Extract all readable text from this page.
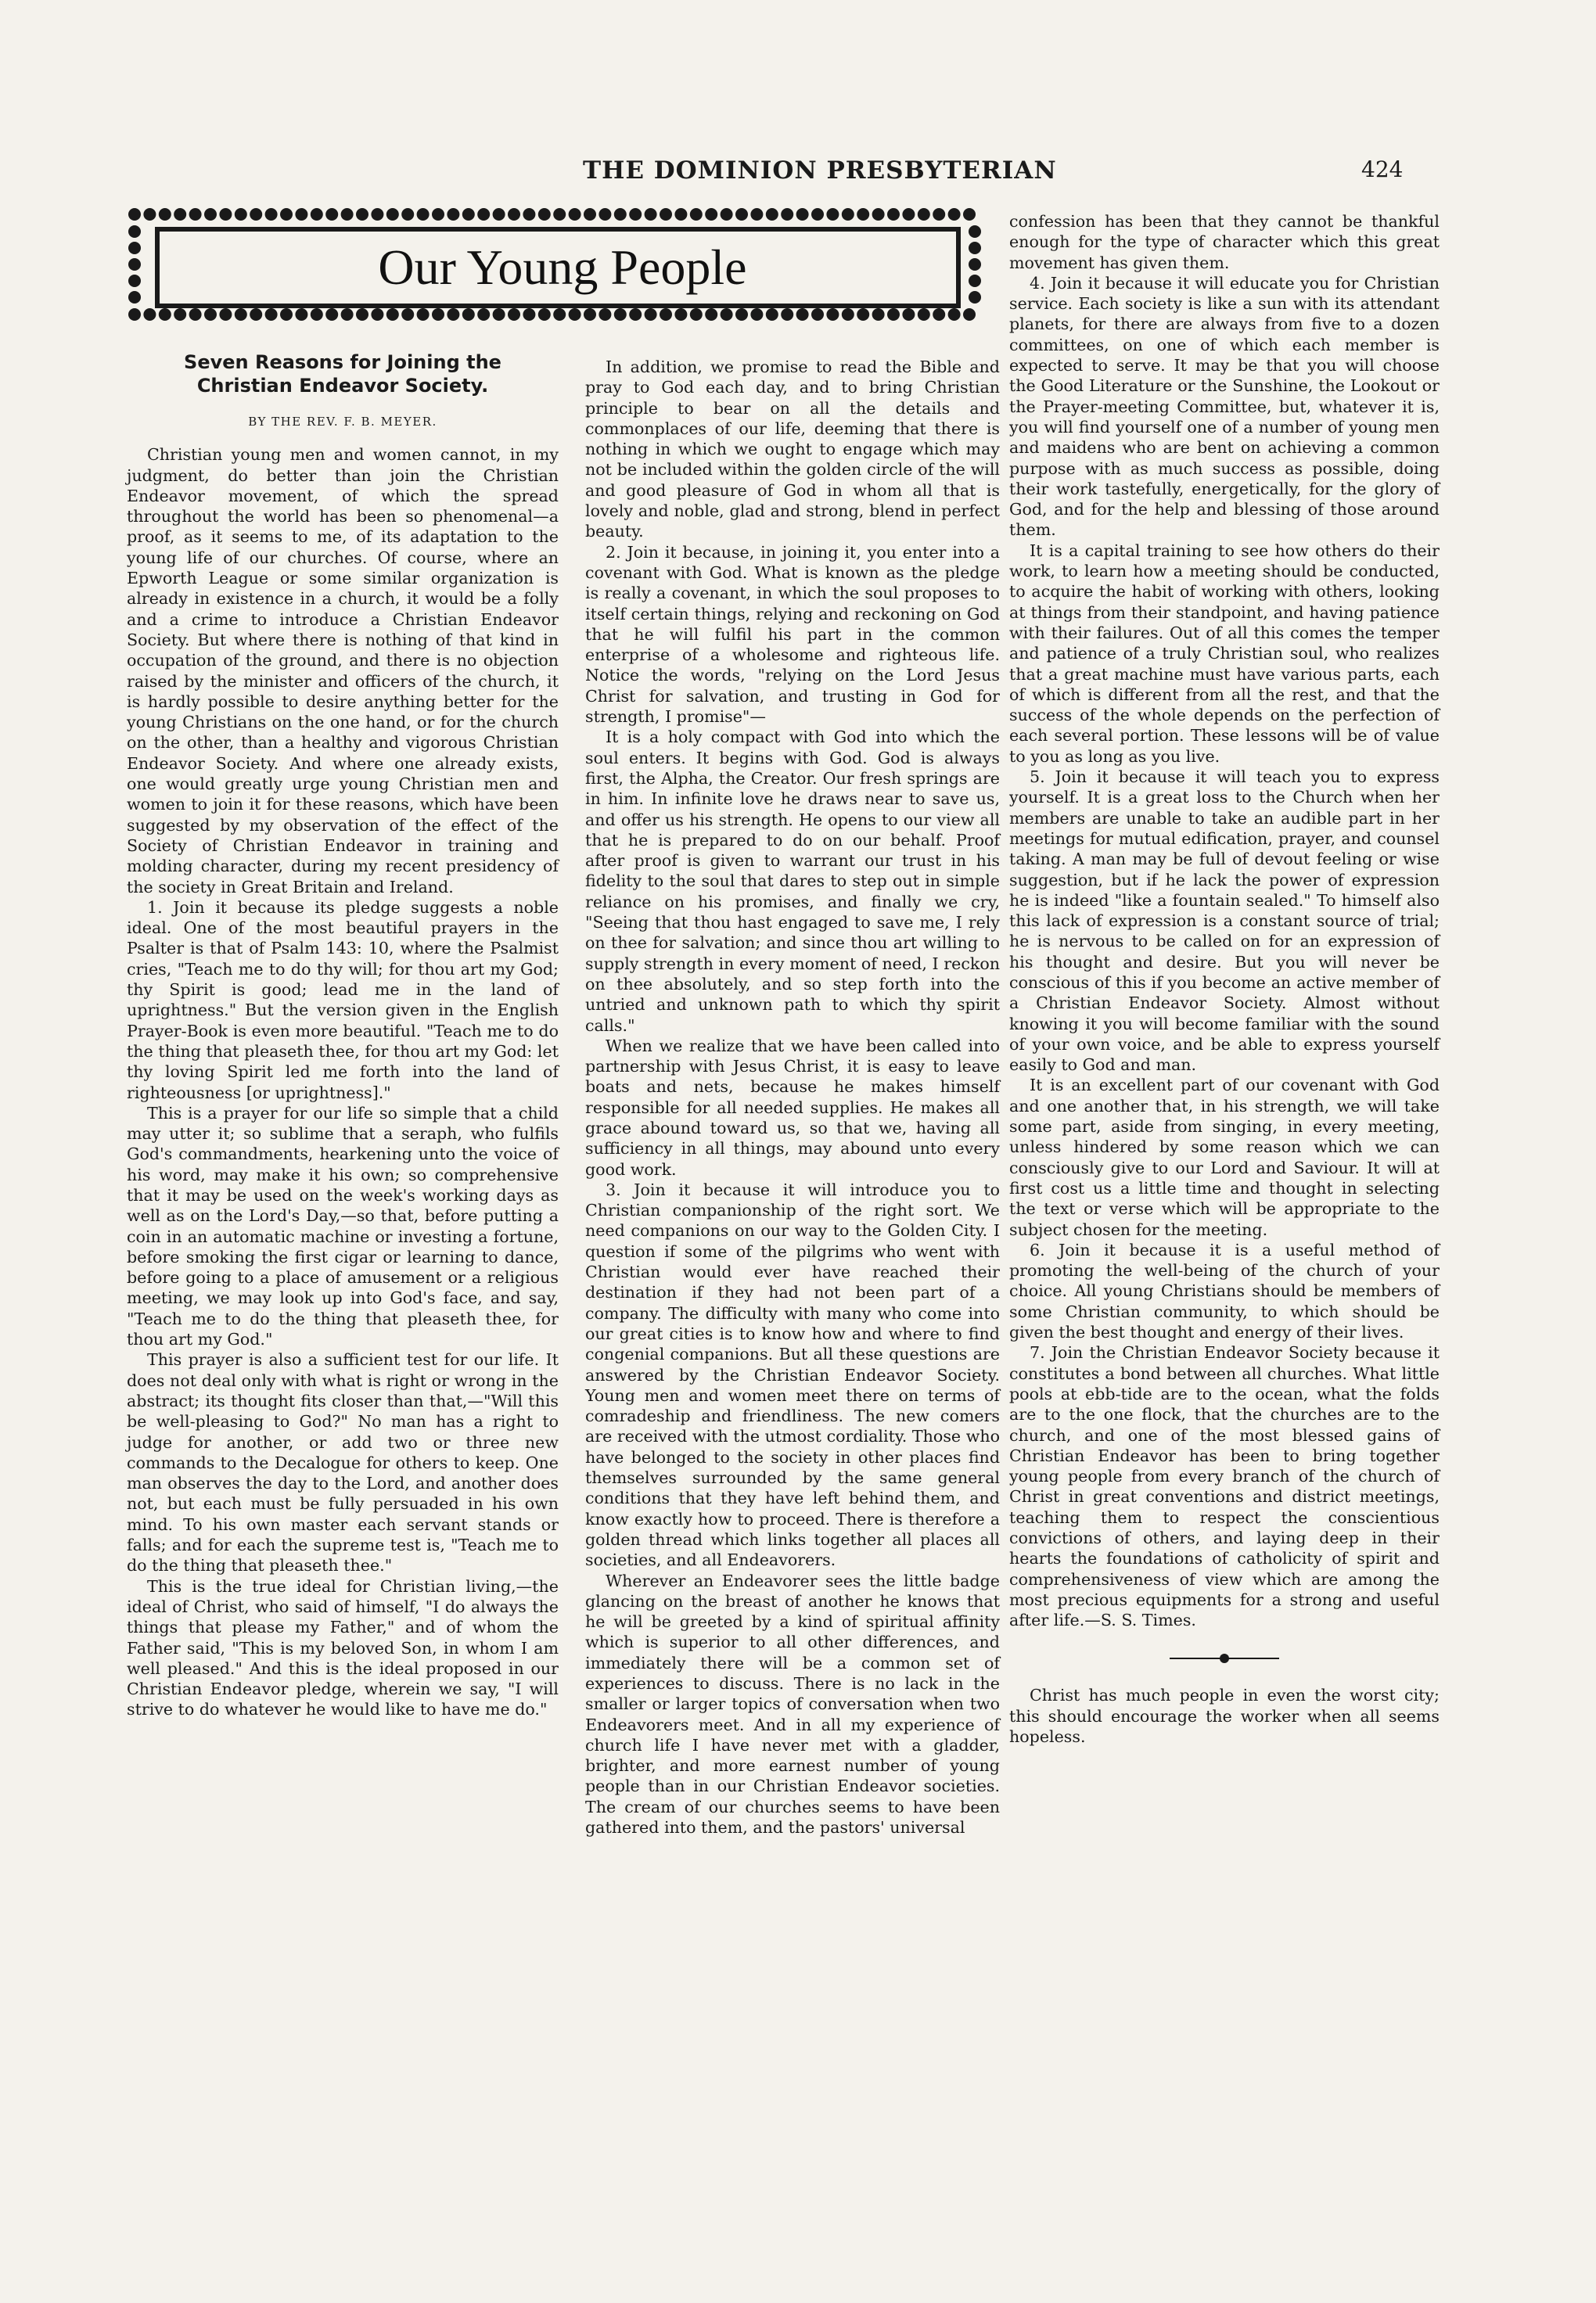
THE DOMINION PRESBYTERIAN	424
Our Young People
Seven Reasons for Joining the Christian Endeavor Society.
BY THE REV. F. B. MEYER.

Christian young men and women cannot, in my judgment, do better than join the Christian Endeavor movement, of which the spread throughout the world has been so phenomenal—a proof, as it seems to me, of its adaptation to the young life of our churches. Of course, where an Epworth League or some similar organization is already in existence in a church, it would be a folly and a crime to introduce a Christian Endeavor Society. But where there is nothing of that kind in occupation of the ground, and there is no objection raised by the minister and officers of the church, it is hardly possible to desire anything better for the young Christians on the one hand, or for the church on the other, than a healthy and vigorous Christian Endeavor Society. And where one already exists, one would greatly urge young Christian men and women to join it for these reasons, which have been suggested by my observation of the effect of the Society of Christian Endeavor in training and molding character, during my recent presidency of the society in Great Britain and Ireland.

1. Join it because its pledge suggests a noble ideal. One of the most beautiful prayers in the Psalter is that of Psalm 143: 10, where the Psalmist cries, "Teach me to do thy will; for thou art my God; thy Spirit is good; lead me in the land of uprightness." But the version given in the English Prayer-Book is even more beautiful. "Teach me to do the thing that pleaseth thee, for thou art my God: let thy loving Spirit led me forth into the land of righteousness [or uprightness]."

This is a prayer for our life so simple that a child may utter it; so sublime that a seraph, who fulfils God's commandments, hearkening unto the voice of his word, may make it his own; so comprehensive that it may be used on the week's working days as well as on the Lord's Day,—so that, before putting a coin in an automatic machine or investing a fortune, before smoking the first cigar or learning to dance, before going to a place of amusement or a religious meeting, we may look up into God's face, and say, "Teach me to do the thing that pleaseth thee, for thou art my God."

This prayer is also a sufficient test for our life. It does not deal only with what is right or wrong in the abstract; its thought fits closer than that,—"Will this be well-pleasing to God?" No man has a right to judge for another, or add two or three new commands to the Decalogue for others to keep. One man observes the day to the Lord, and another does not, but each must be fully persuaded in his own mind. To his own master each servant stands or falls; and for each the supreme test is, "Teach me to do the thing that pleaseth thee."

This is the true ideal for Christian living,—the ideal of Christ, who said of himself, "I do always the things that please my Father," and of whom the Father said, "This is my beloved Son, in whom I am well pleased." And this is the ideal proposed in our Christian Endeavor pledge, wherein we say, "I will strive to do whatever he would like to have me do."

In addition, we promise to read the Bible and pray to God each day, and to bring Christian principle to bear on all the details and commonplaces of our life, deeming that there is nothing in which we ought to engage which may not be included within the golden circle of the will and good pleasure of God in whom all that is lovely and noble, glad and strong, blend in perfect beauty.

2. Join it because, in joining it, you enter into a covenant with God. What is known as the pledge is really a covenant, in which the soul proposes to itself certain things, relying and reckoning on God that he will fulfil his part in the common enterprise of a wholesome and righteous life. Notice the words, "relying on the Lord Jesus Christ for salvation, and trusting in God for strength, I promise"—

It is a holy compact with God into which the soul enters. It begins with God. God is always first, the Alpha, the Creator. Our fresh springs are in him. In infinite love he draws near to save us, and offer us his strength. He opens to our view all that he is prepared to do on our behalf. Proof after proof is given to warrant our trust in his fidelity to the soul that dares to step out in simple reliance on his promises, and finally we cry, "Seeing that thou hast engaged to save me, I rely on thee for salvation; and since thou art willing to supply strength in every moment of need, I reckon on thee absolutely, and so step forth into the untried and unknown path to which thy spirit calls."

When we realize that we have been called into partnership with Jesus Christ, it is easy to leave boats and nets, because he makes himself responsible for all needed supplies. He makes all grace abound toward us, so that we, having all sufficiency in all things, may abound unto every good work.

3. Join it because it will introduce you to Christian companionship of the right sort. We need companions on our way to the Golden City. I question if some of the pilgrims who went with Christian would ever have reached their destination if they had not been part of a company. The difficulty with many who come into our great cities is to know how and where to find congenial companions. But all these questions are answered by the Christian Endeavor Society. Young men and women meet there on terms of comradeship and friendliness. The new comers are received with the utmost cordiality. Those who have belonged to the society in other places find themselves surrounded by the same general conditions that they have left behind them, and know exactly how to proceed. There is therefore a golden thread which links together all places all societies, and all Endeavorers.

Wherever an Endeavorer sees the little badge glancing on the breast of another he knows that he will be greeted by a kind of spiritual affinity which is superior to all other differences, and immediately there will be a common set of experiences to discuss. There is no lack in the smaller or larger topics of conversation when two Endeavorers meet. And in all my experience of church life I have never met with a gladder, brighter, and more earnest number of young people than in our Christian Endeavor societies. The cream of our churches seems to have been gathered into them, and the pastors' universal

confession has been that they cannot be thankful enough for the type of character which this great movement has given them.

4. Join it because it will educate you for Christian service. Each society is like a sun with its attendant planets, for there are always from five to a dozen committees, on one of which each member is expected to serve. It may be that you will choose the Good Literature or the Sunshine, the Lookout or the Prayer-meeting Committee, but, whatever it is, you will find yourself one of a number of young men and maidens who are bent on achieving a common purpose with as much success as possible, doing their work tastefully, energetically, for the glory of God, and for the help and blessing of those around them.

It is a capital training to see how others do their work, to learn how a meeting should be conducted, to acquire the habit of working with others, looking at things from their standpoint, and having patience with their failures. Out of all this comes the temper and patience of a truly Christian soul, who realizes that a great machine must have various parts, each of which is different from all the rest, and that the success of the whole depends on the perfection of each several portion. These lessons will be of value to you as long as you live.

5. Join it because it will teach you to express yourself. It is a great loss to the Church when her members are unable to take an audible part in her meetings for mutual edification, prayer, and counsel taking. A man may be full of devout feeling or wise suggestion, but if he lack the power of expression he is indeed "like a fountain sealed." To himself also this lack of expression is a constant source of trial; he is nervous to be called on for an expression of his thought and desire. But you will never be conscious of this if you become an active member of a Christian Endeavor Society. Almost without knowing it you will become familiar with the sound of your own voice, and be able to express yourself easily to God and man.

It is an excellent part of our covenant with God and one another that, in his strength, we will take some part, aside from singing, in every meeting, unless hindered by some reason which we can consciously give to our Lord and Saviour. It will at first cost us a little time and thought in selecting the text or verse which will be appropriate to the subject chosen for the meeting.

6. Join it because it is a useful method of promoting the well-being of the church of your choice. All young Christians should be members of some Christian community, to which should be given the best thought and energy of their lives.

7. Join the Christian Endeavor Society because it constitutes a bond between all churches. What little pools at ebb-tide are to the ocean, what the folds are to the one flock, that the churches are to the church, and one of the most blessed gains of Christian Endeavor has been to bring together young people from every branch of the church of Christ in great conventions and district meetings, teaching them to respect the conscientious convictions of others, and laying deep in their hearts the foundations of catholicity of spirit and comprehensiveness of view which are among the most precious equipments for a strong and useful after life.—S. S. Times.

Christ has much people in even the worst city; this should encourage the worker when all seems hopeless.
